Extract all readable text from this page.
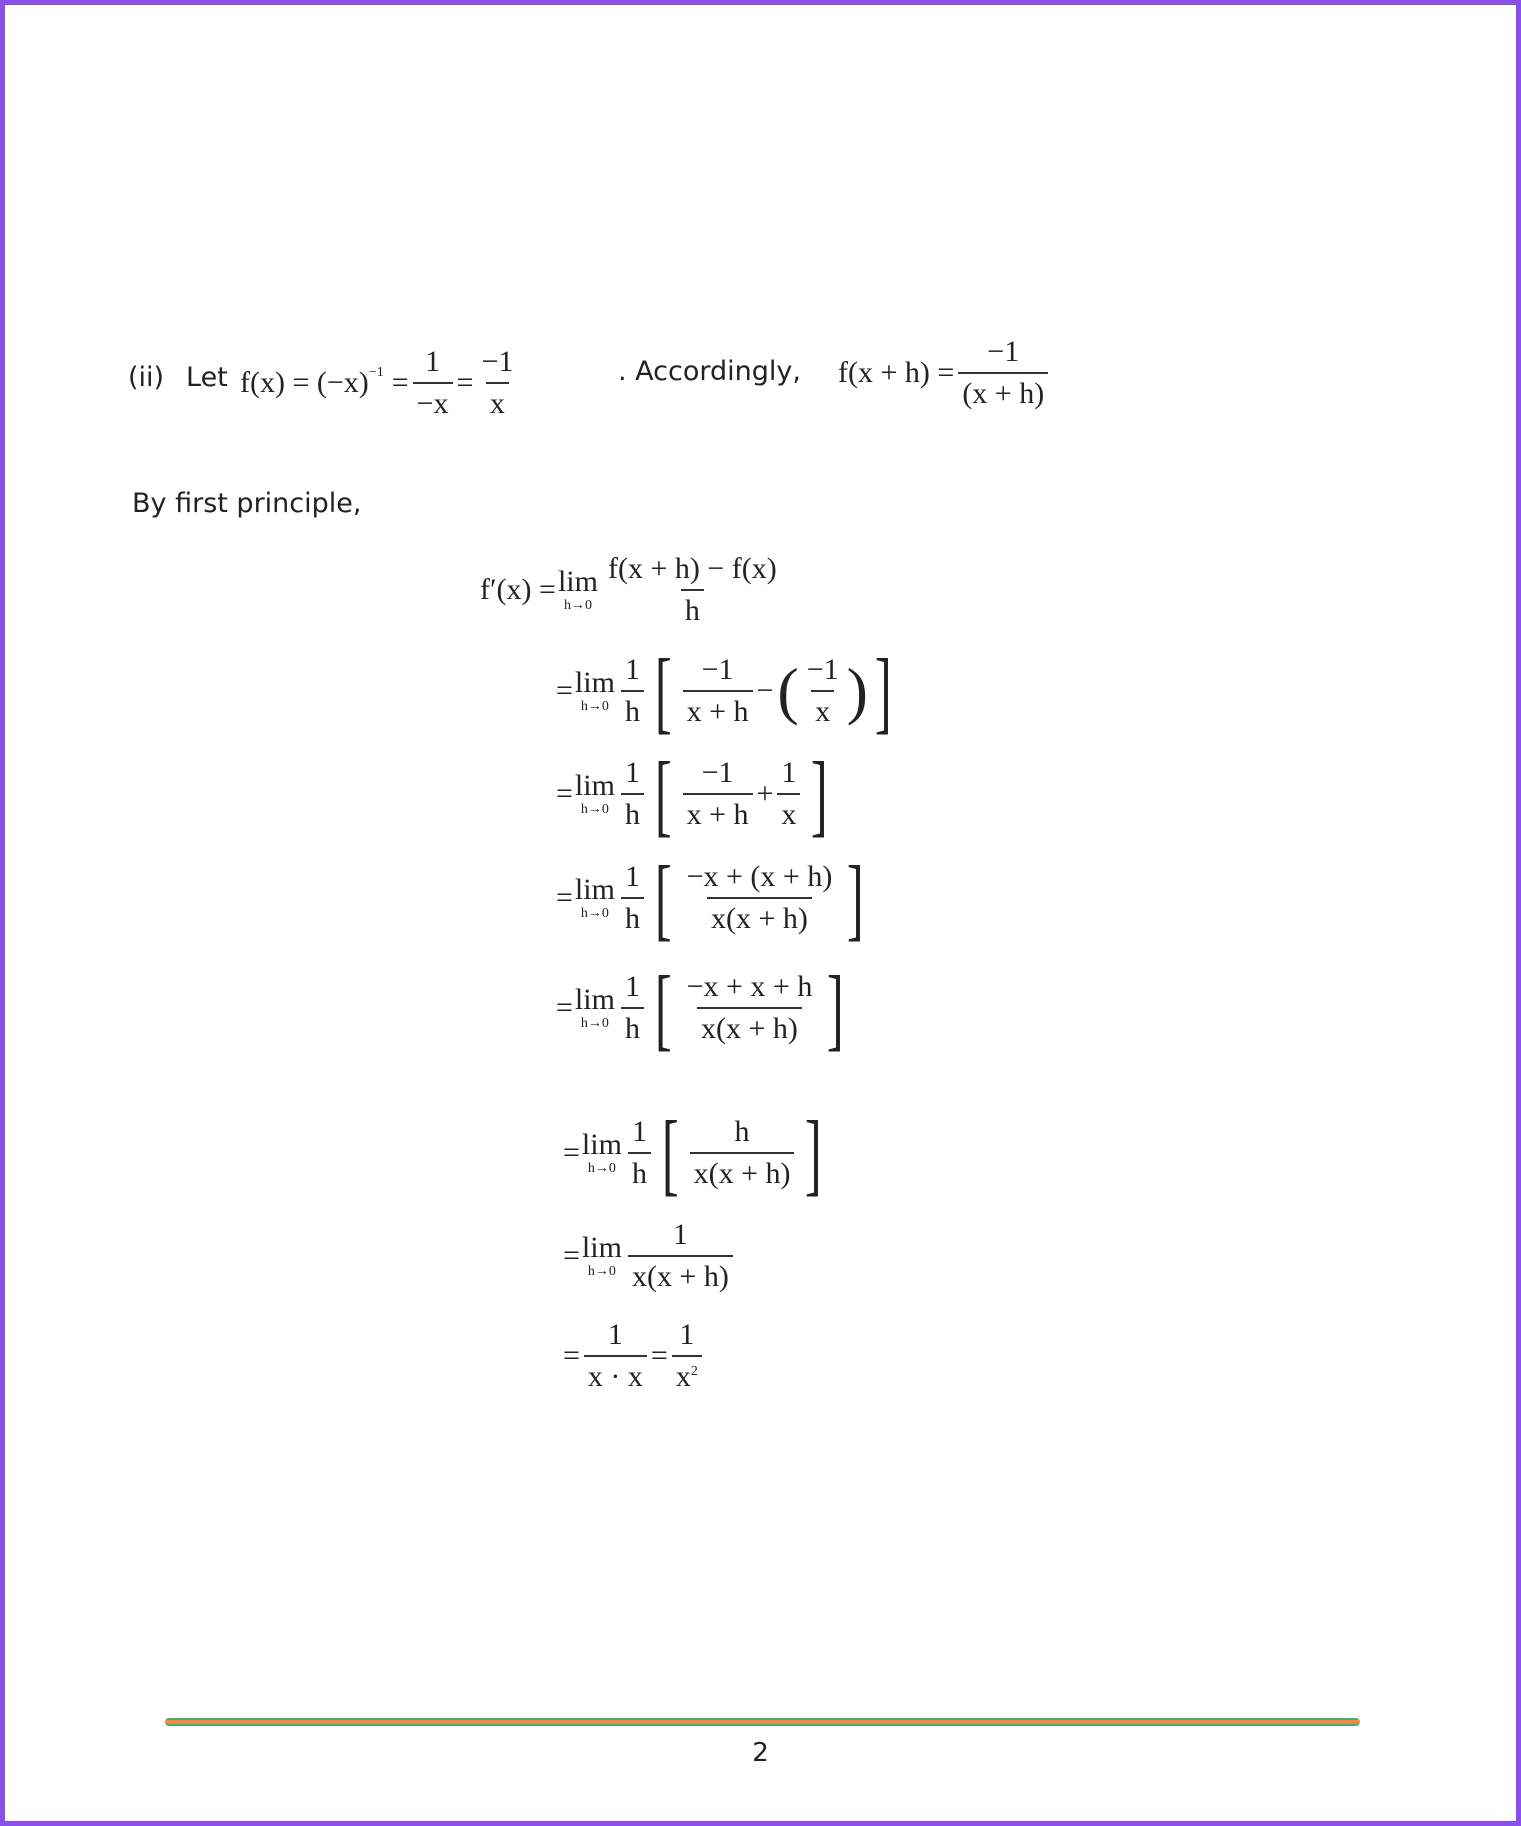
(ii) Let $f(x) = (-x)^{-1} = \frac{1}{-x} = \frac{-1}{x}$	. Accordingly, $f(x + h) = \frac{-1}{(x + h)}$
By first principle,
f′(x) = lim
$h\to 0 \frac{f(x + h) - f(x)}{h}$
= lim
$h\to 0 \frac{1}{h}$ [ $\frac{-1}{x + h}$ − ( $\frac{-1}{x}$ ) ]
= lim
$h\to 0 \frac{1}{h}$ [ $\frac{-1}{x + h} + \frac{1}{x}$ ]
= lim
$h\to 0 \frac{1}{h}$ [ $\frac{-x + (x + h)}{x(x + h)}$ ]
= lim
$h\to 0 \frac{1}{h}$ [ $\frac{-x + x + h}{x(x + h)}$ ]
= lim
$h\to 0 \frac{1}{h}$ [ $\frac{h}{x(x + h)}$ ]
= lim
$h\to 0 \frac{1}{x(x + h)}$
= $\frac{1}{x \cdot x} = \frac{1}{x^2}$
2
